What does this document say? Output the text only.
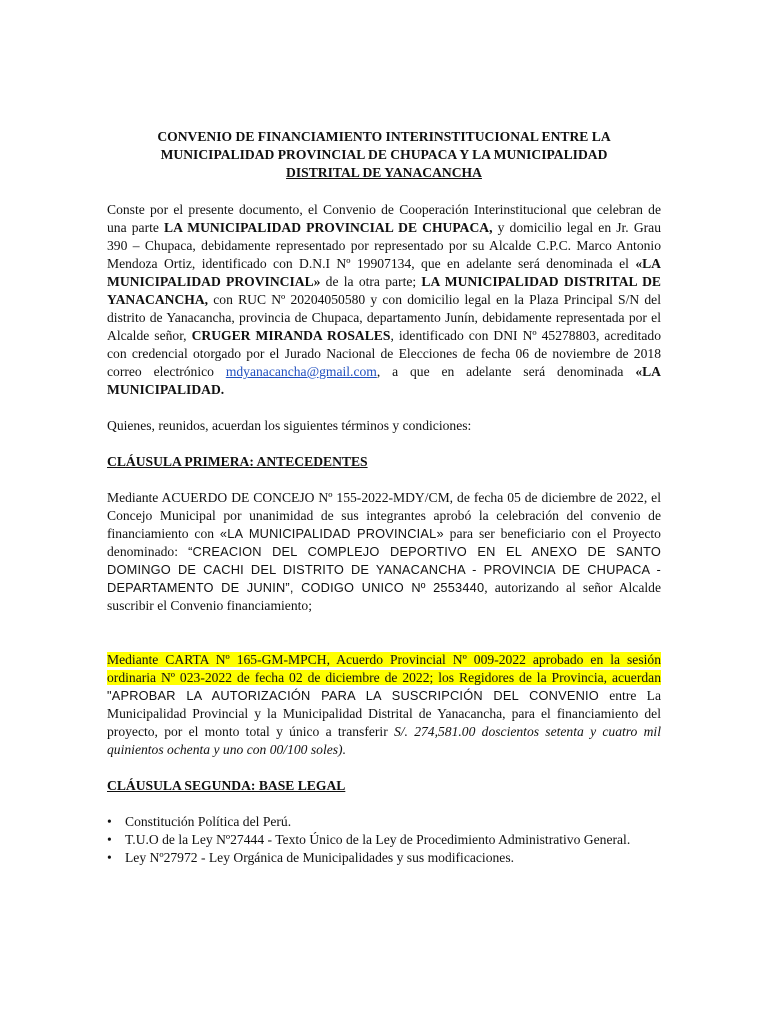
CONVENIO DE FINANCIAMIENTO INTERINSTITUCIONAL ENTRE LA
MUNICIPALIDAD PROVINCIAL DE CHUPACA Y LA MUNICIPALIDAD
DISTRITAL DE YANACANCHA

Conste por el presente documento, el Convenio de Cooperación Interinstitucional que celebran de una parte LA MUNICIPALIDAD PROVINCIAL DE CHUPACA, y domicilio legal en Jr. Grau 390 – Chupaca, debidamente representado por representado por su Alcalde C.P.C. Marco Antonio Mendoza Ortiz, identificado con D.N.I Nº 19907134, que en adelante será denominada el «LA MUNICIPALIDAD PROVINCIAL» de la otra parte; LA MUNICIPALIDAD DISTRITAL DE YANACANCHA, con RUC Nº 20204050580 y con domicilio legal en la Plaza Principal S/N del distrito de Yanacancha, provincia de Chupaca, departamento Junín, debidamente representada por el Alcalde señor, CRUGER MIRANDA ROSALES, identificado con DNI Nº 45278803, acreditado con credencial otorgado por el Jurado Nacional de Elecciones de fecha 06 de noviembre de 2018 correo electrónico mdyanacancha@gmail.com, a que en adelante será denominada «LA MUNICIPALIDAD.

Quienes, reunidos, acuerdan los siguientes términos y condiciones:

CLÁUSULA PRIMERA: ANTECEDENTES

Mediante ACUERDO DE CONCEJO Nº 155-2022-MDY/CM, de fecha 05 de diciembre de 2022, el Concejo Municipal por unanimidad de sus integrantes aprobó la celebración del convenio de financiamiento con «LA MUNICIPALIDAD PROVINCIAL» para ser beneficiario con el Proyecto denominado: “CREACION DEL COMPLEJO DEPORTIVO EN EL ANEXO DE SANTO DOMINGO DE CACHI DEL DISTRITO DE YANACANCHA - PROVINCIA DE CHUPACA - DEPARTAMENTO DE JUNIN”, CODIGO UNICO Nº 2553440, autorizando al señor Alcalde suscribir el Convenio financiamiento;

Mediante CARTA Nº 165-GM-MPCH, Acuerdo Provincial Nº 009-2022 aprobado en la sesión ordinaria Nº 023-2022 de fecha 02 de diciembre de 2022; los Regidores de la Provincia, acuerdan "APROBAR LA AUTORIZACIÓN PARA LA SUSCRIPCIÓN DEL CONVENIO entre La Municipalidad Provincial y la Municipalidad Distrital de Yanacancha, para el financiamiento del proyecto, por el monto total y único a transferir S/. 274,581.00 doscientos setenta y cuatro mil quinientos ochenta y uno con 00/100 soles).

CLÁUSULA SEGUNDA: BASE LEGAL

• Constitución Política del Perú.
• T.U.O de la Ley Nº27444 - Texto Único de la Ley de Procedimiento Administrativo General.
• Ley Nº27972 - Ley Orgánica de Municipalidades y sus modificaciones.
